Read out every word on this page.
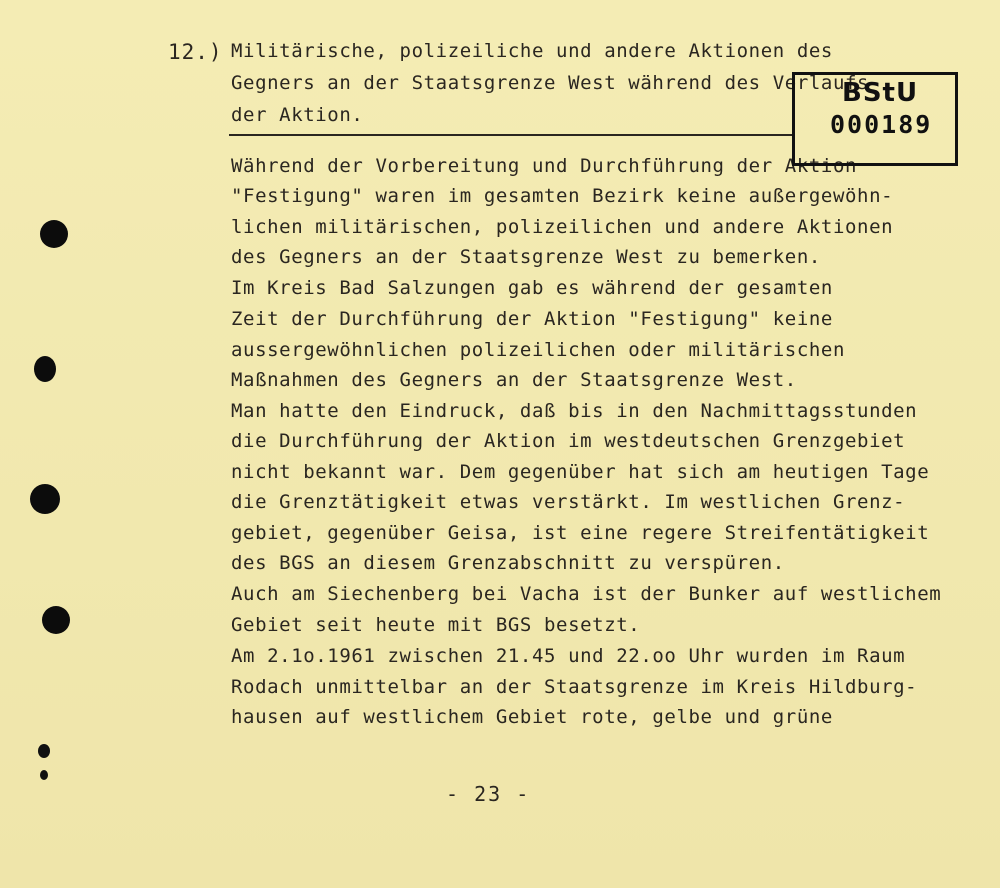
12.) Militärische, polizeiliche und andere Aktionen des
Gegners an der Staatsgrenze West während des Verlaufs
der Aktion.
Während der Vorbereitung und Durchführung der Aktion
"Festigung" waren im gesamten Bezirk keine außergewöhn-
lichen militärischen, polizeilichen und andere Aktionen
des Gegners an der Staatsgrenze West zu bemerken.
Im Kreis Bad Salzungen gab es während der gesamten
Zeit der Durchführung der Aktion "Festigung" keine
aussergewöhnlichen polizeilichen oder militärischen
Maßnahmen des Gegners an der Staatsgrenze West.
Man hatte den Eindruck, daß bis in den Nachmittagsstunden
die Durchführung der Aktion im westdeutschen Grenzgebiet
nicht bekannt war. Dem gegenüber hat sich am heutigen Tage
die Grenztätigkeit etwas verstärkt. Im westlichen Grenz-
gebiet, gegenüber Geisa, ist eine regere Streifentätigkeit
des BGS an diesem Grenzabschnitt zu verspüren.
Auch am Siechenberg bei Vacha ist der Bunker auf westlichem
Gebiet seit heute mit BGS besetzt.
Am 2.1o.1961 zwischen 21.45 und 22.oo Uhr wurden im Raum
Rodach unmittelbar an der Staatsgrenze im Kreis Hildburg-
hausen auf westlichem Gebiet rote, gelbe und grüne
BStU
000189
- 23 -
